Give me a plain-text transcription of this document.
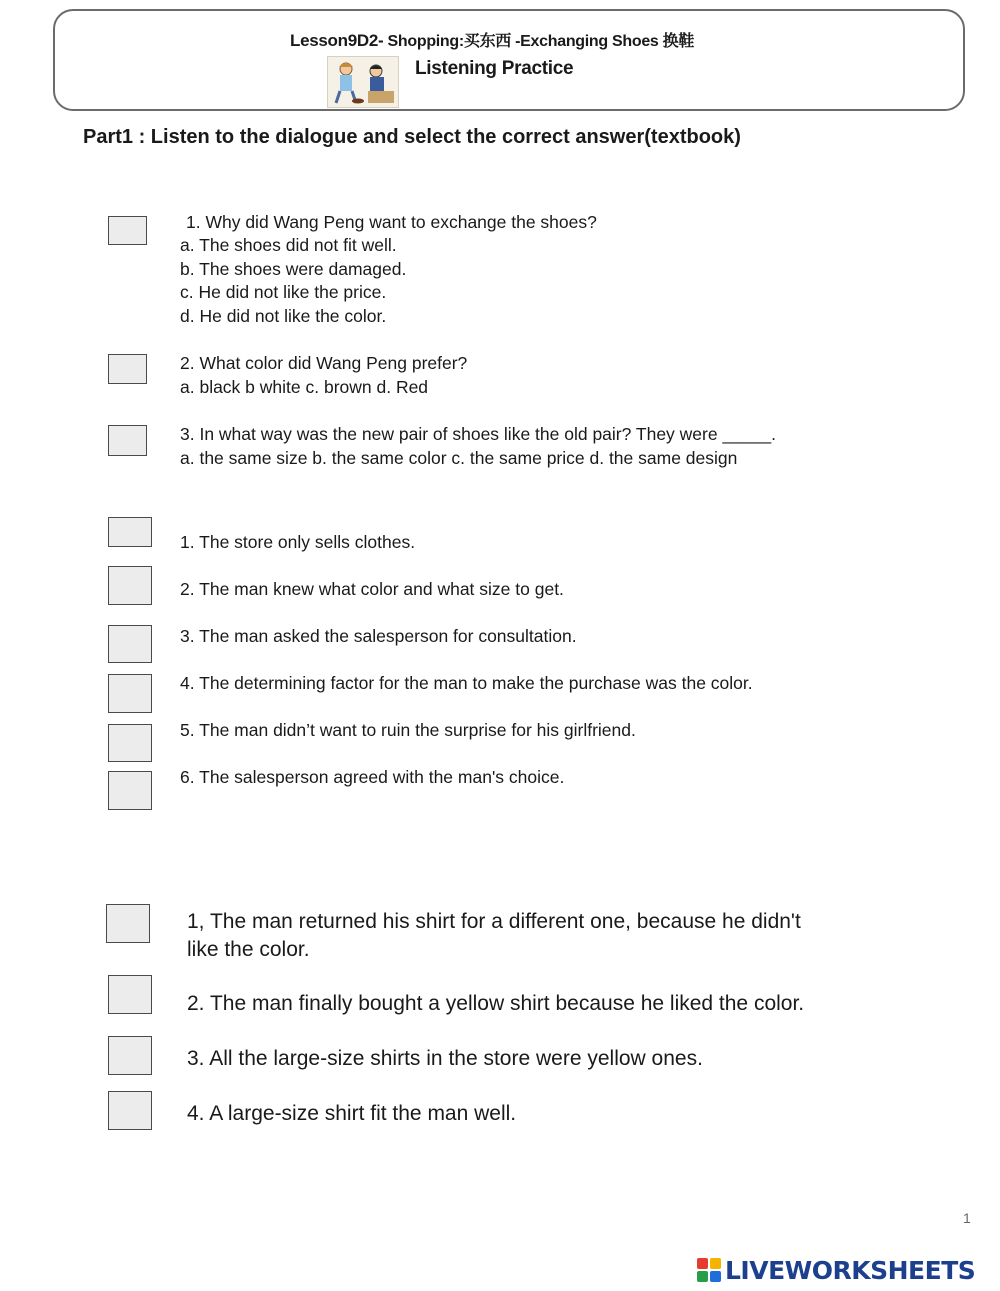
Lesson9D2- Shopping:买东西 -Exchanging Shoes 换鞋
Listening Practice
Part1 : Listen to the dialogue and select the correct answer(textbook)
1. Why did Wang Peng want to exchange the shoes?
a. The shoes did not fit well.
b. The shoes were damaged.
c. He did not like the price.
d. He did not like the color.
2. What color did Wang Peng prefer?
a. black b white c. brown d. Red
3. In what way was the new pair of shoes like the old pair? They were _____.
a. the same size b. the same color c. the same price d. the same design
1. The store only sells clothes.
2. The man knew what color and what size to get.
3. The man asked the salesperson for consultation.
4. The determining factor for the man to make the purchase was the color.
5. The man didn’t want to ruin the surprise for his girlfriend.
6. The salesperson agreed with the man's choice.
1, The man returned his shirt for a different one, because he didn't
like the color.
2. The man finally bought a yellow shirt because he liked the color.
3. All the large-size shirts in the store were yellow ones.
4. A large-size shirt fit the man well.
1
LIVEWORKSHEETS
